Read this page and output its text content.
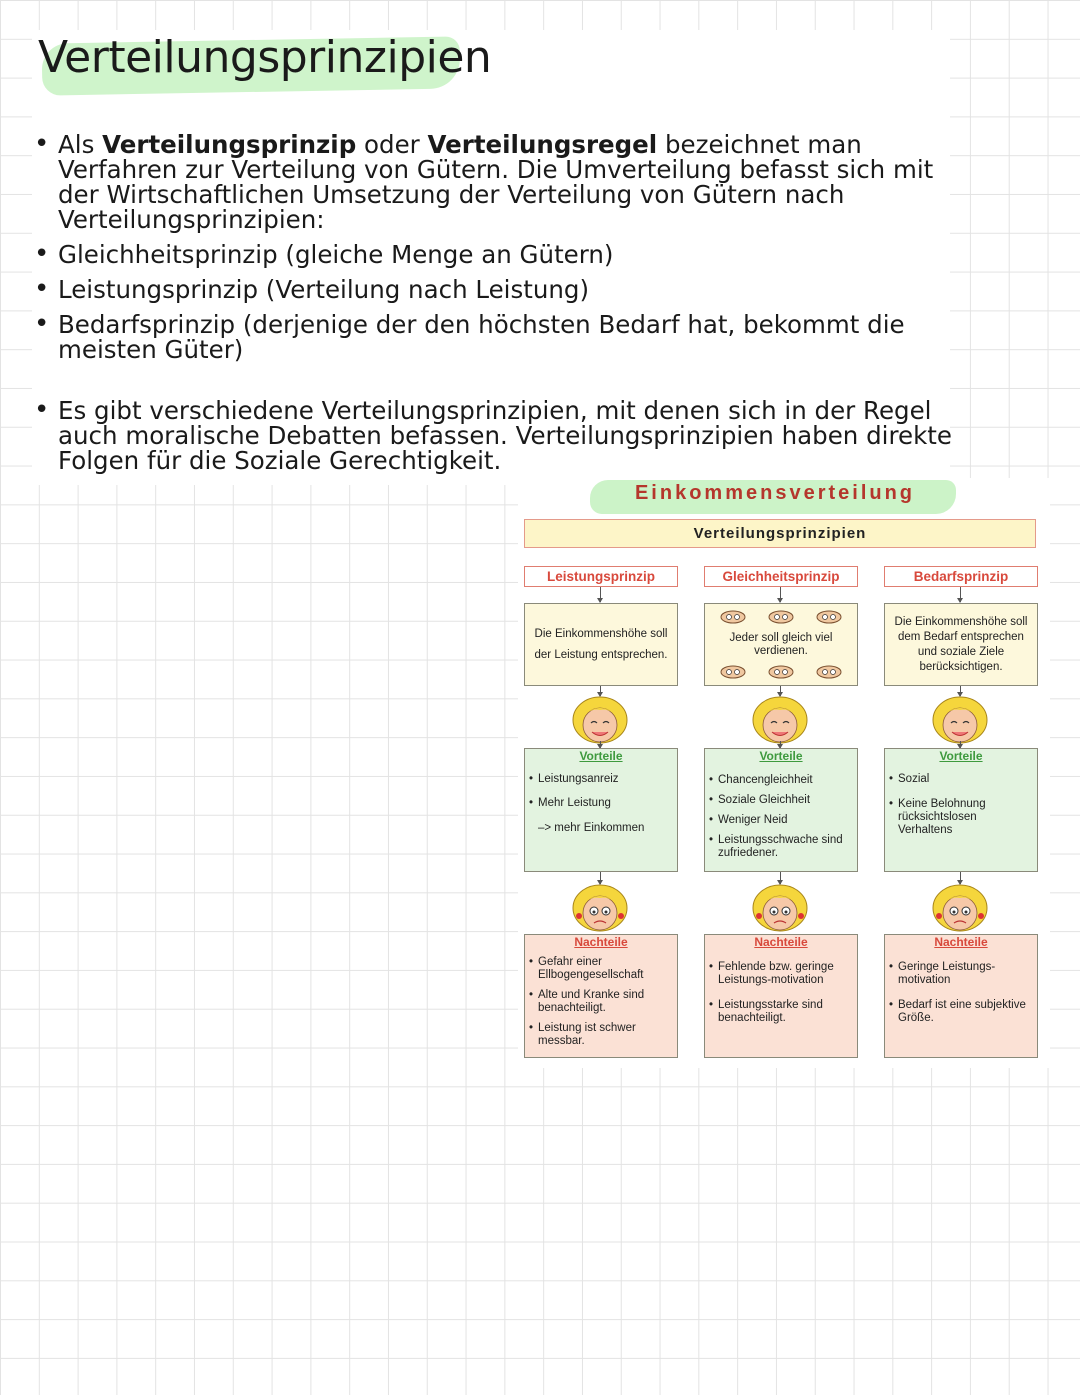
Verteilungsprinzipien
• Als Verteilungsprinzip oder Verteilungsregel bezeichnet man Verfahren zur Verteilung von Gütern. Die Umverteilung befasst sich mit der Wirtschaftlichen Umsetzung der Verteilung von Gütern nach Verteilungsprinzipien:
• Gleichheitsprinzip (gleiche Menge an Gütern)
• Leistungsprinzip (Verteilung nach Leistung)
• Bedarfsprinzip (derjenige der den höchsten Bedarf hat, bekommt die meisten Güter)
• Es gibt verschiedene Verteilungsprinzipien, mit denen sich in der Regel auch moralische Debatten befassen. Verteilungsprinzipien haben direkte Folgen für die Soziale Gerechtigkeit.
Einkommensverteilung
Verteilungsprinzipien
Leistungsprinzip
Die Einkommenshöhe soll der Leistung entsprechen.
Vorteile
• Leistungsanreiz
• Mehr Leistung
–> mehr Einkommen
Nachteile
• Gefahr einer Ellbogengesellschaft
• Alte und Kranke sind benachteiligt.
• Leistung ist schwer messbar.
Gleichheitsprinzip
Jeder soll gleich viel verdienen.
Vorteile
• Chancengleichheit
• Soziale Gleichheit
• Weniger Neid
• Leistungsschwache sind zufriedener.
Nachteile
• Fehlende bzw. geringe Leistungs-motivation
• Leistungsstarke sind benachteiligt.
Bedarfsprinzip
Die Einkommenshöhe soll dem Bedarf entsprechen und soziale Ziele berücksichtigen.
Vorteile
• Sozial
• Keine Belohnung rücksichtslosen Verhaltens
Nachteile
• Geringe Leistungs-motivation
• Bedarf ist eine subjektive Größe.
